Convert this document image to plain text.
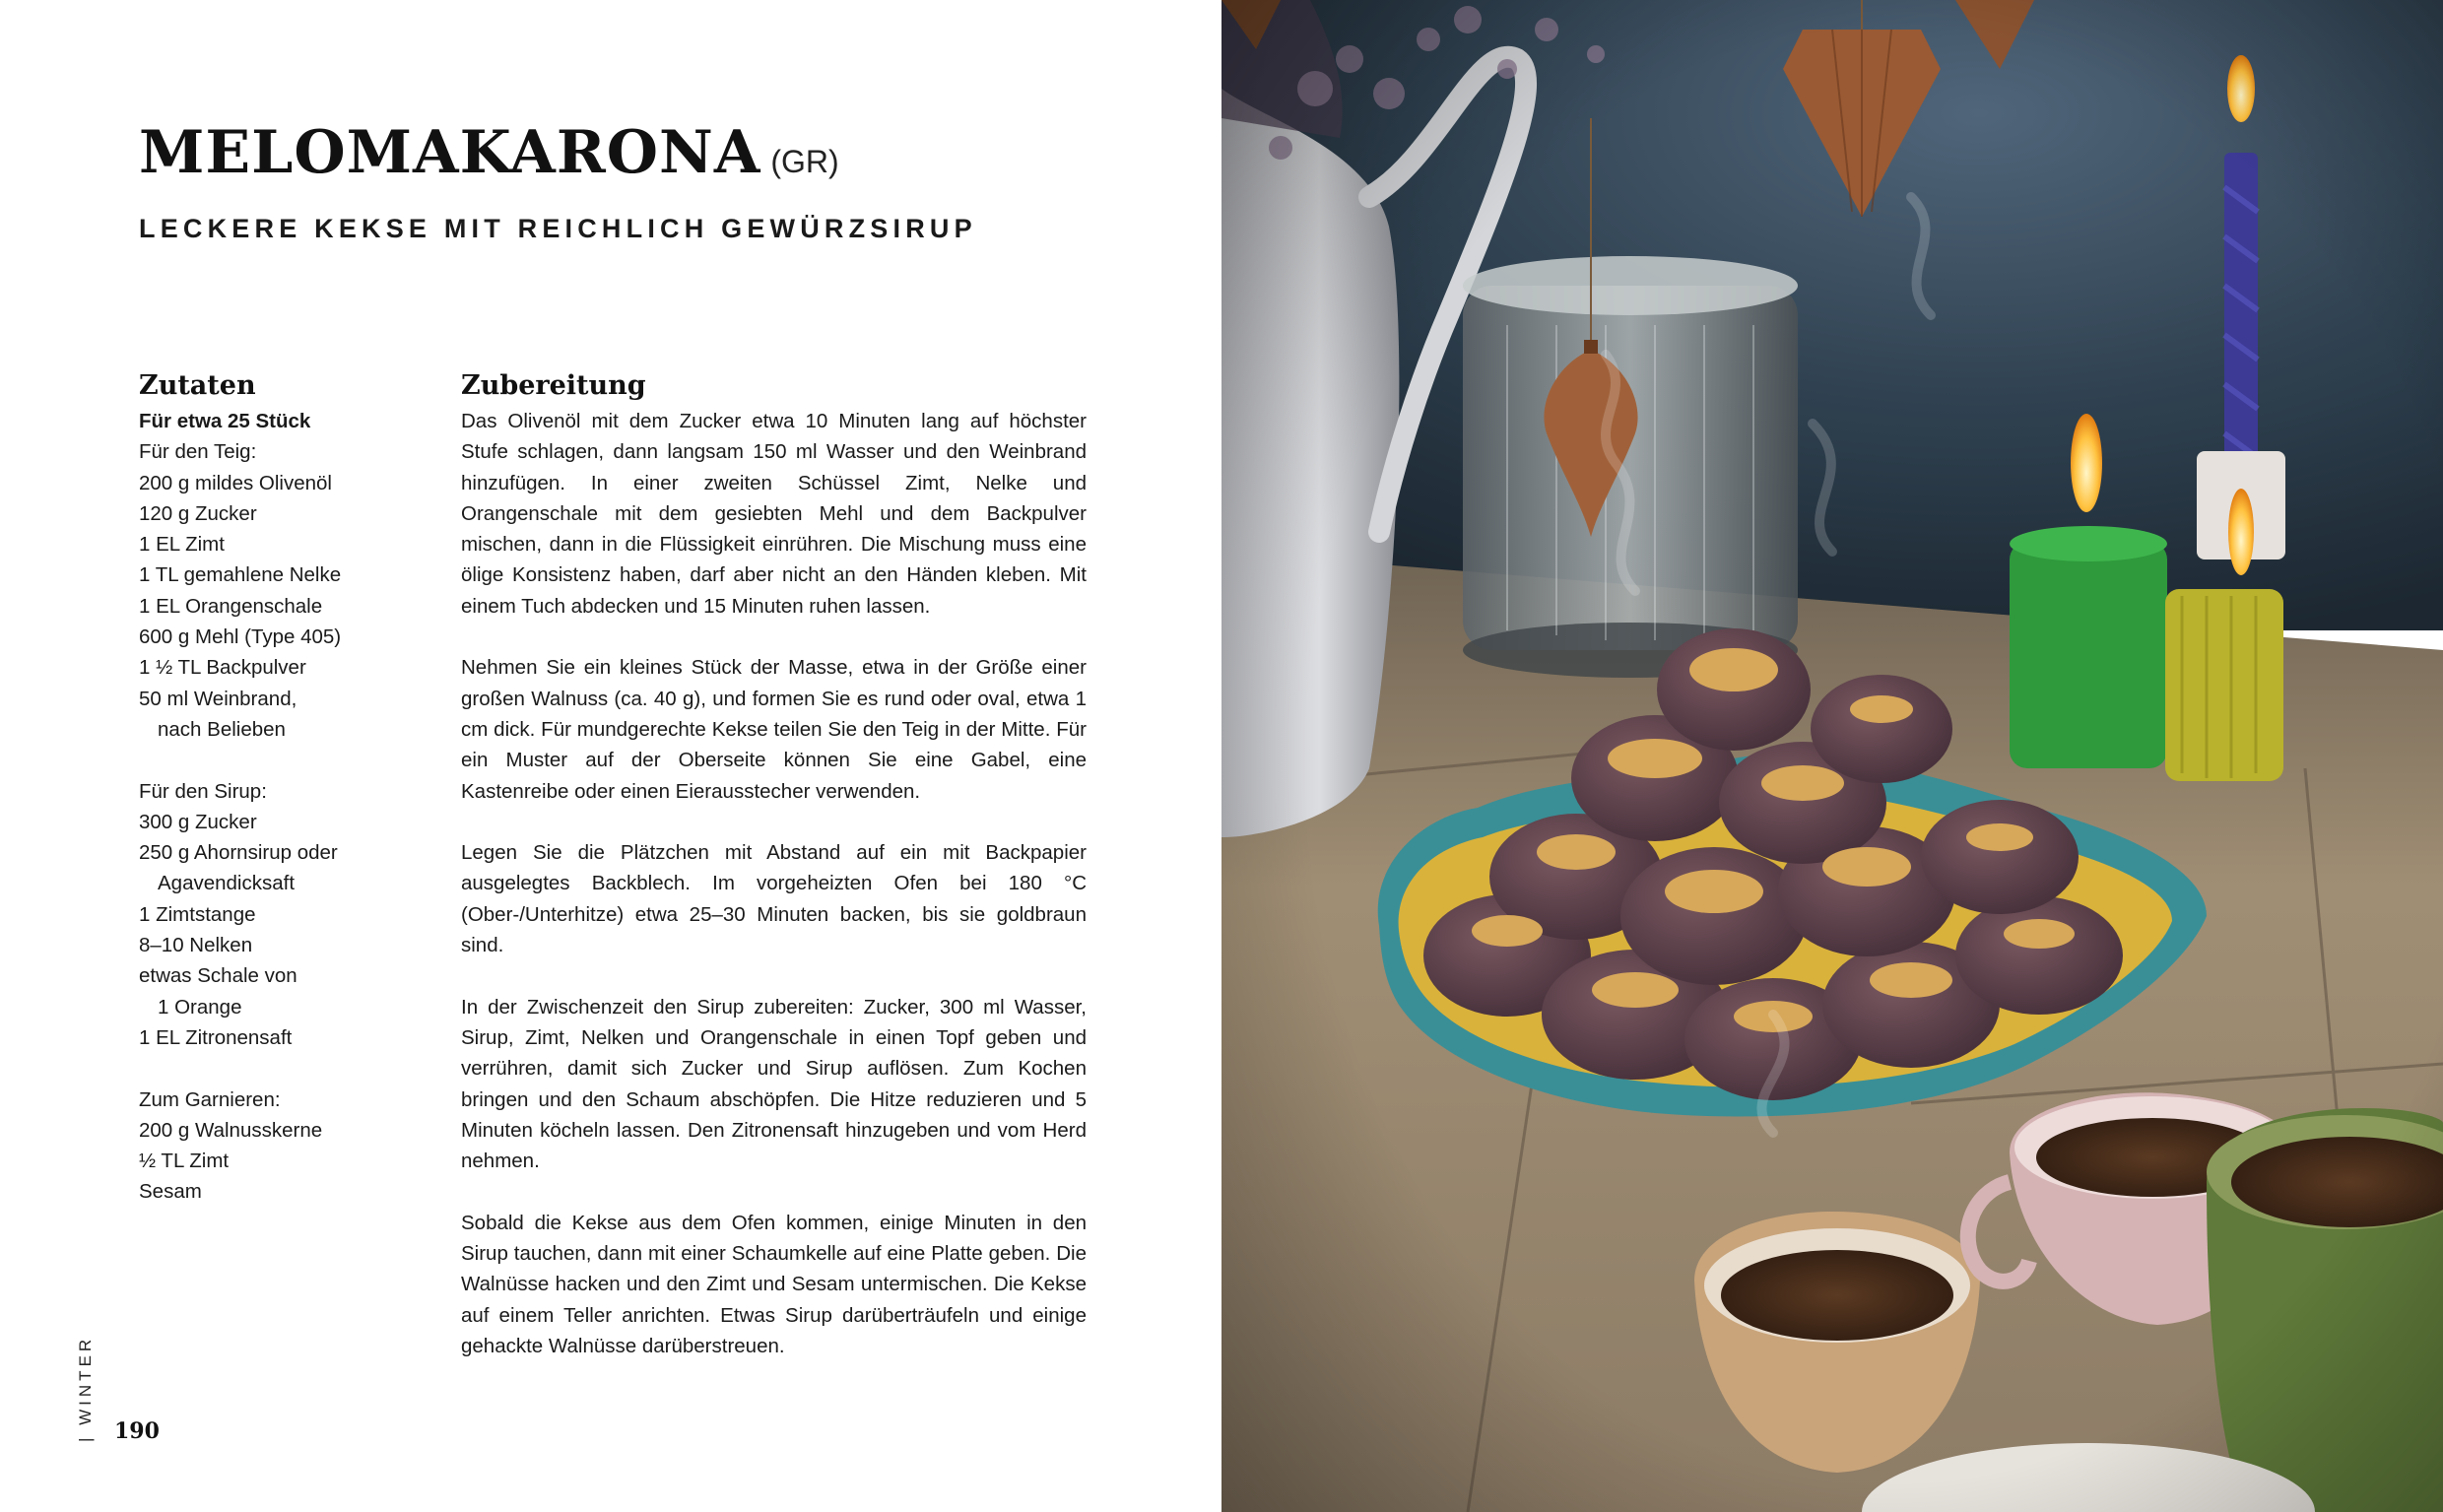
MELOMAKARONA (GR)
LECKERE KEKSE MIT REICHLICH GEWÜRZSIRUP
Zutaten
Für etwa 25 Stück
Für den Teig:
200 g mildes Olivenöl
120 g Zucker
1 EL Zimt
1 TL gemahlene Nelke
1 EL Orangenschale
600 g Mehl (Type 405)
1 ½ TL Backpulver
50 ml Weinbrand,
nach Belieben
Für den Sirup:
300 g Zucker
250 g Ahornsirup oder
Agavendicksaft
1 Zimtstange
8–10 Nelken
etwas Schale von
1 Orange
1 EL Zitronensaft
Zum Garnieren:
200 g Walnusskerne
½ TL Zimt
Sesam
Zubereitung

Das Olivenöl mit dem Zucker etwa 10 Minuten lang auf höchster Stufe schlagen, dann langsam 150 ml Wasser und den Weinbrand hinzufügen. In einer zweiten Schüssel Zimt, Nelke und Orangenschale mit dem gesiebten Mehl und dem Backpulver mischen, dann in die Flüssigkeit einrühren. Die Mischung muss eine ölige Konsistenz haben, darf aber nicht an den Händen kleben. Mit einem Tuch abdecken und 15 Minuten ruhen lassen.

Nehmen Sie ein kleines Stück der Masse, etwa in der Größe einer großen Walnuss (ca. 40 g), und formen Sie es rund oder oval, etwa 1 cm dick. Für mundgerechte Kekse teilen Sie den Teig in der Mitte. Für ein Muster auf der Oberseite können Sie eine Gabel, eine Kastenreibe oder einen Eierausstecher verwenden.

Legen Sie die Plätzchen mit Abstand auf ein mit Backpapier ausgelegtes Backblech. Im vorgeheizten Ofen bei 180 °C (Ober-/Unterhitze) etwa 25–30 Minuten backen, bis sie goldbraun sind.

In der Zwischenzeit den Sirup zubereiten: Zucker, 300 ml Wasser, Sirup, Zimt, Nelken und Orangenschale in einen Topf geben und verrühren, damit sich Zucker und Sirup auflösen. Zum Kochen bringen und den Schaum abschöpfen. Die Hitze reduzieren und 5 Minuten köcheln lassen. Den Zitronensaft hinzugeben und vom Herd nehmen.

Sobald die Kekse aus dem Ofen kommen, einige Minuten in den Sirup tauchen, dann mit einer Schaumkelle auf eine Platte geben. Die Walnüsse hacken und den Zimt und Sesam untermischen. Die Kekse auf einem Teller anrichten. Etwas Sirup darüberträufeln und einige gehackte Walnüsse darüberstreuen.

| WINTER 190
